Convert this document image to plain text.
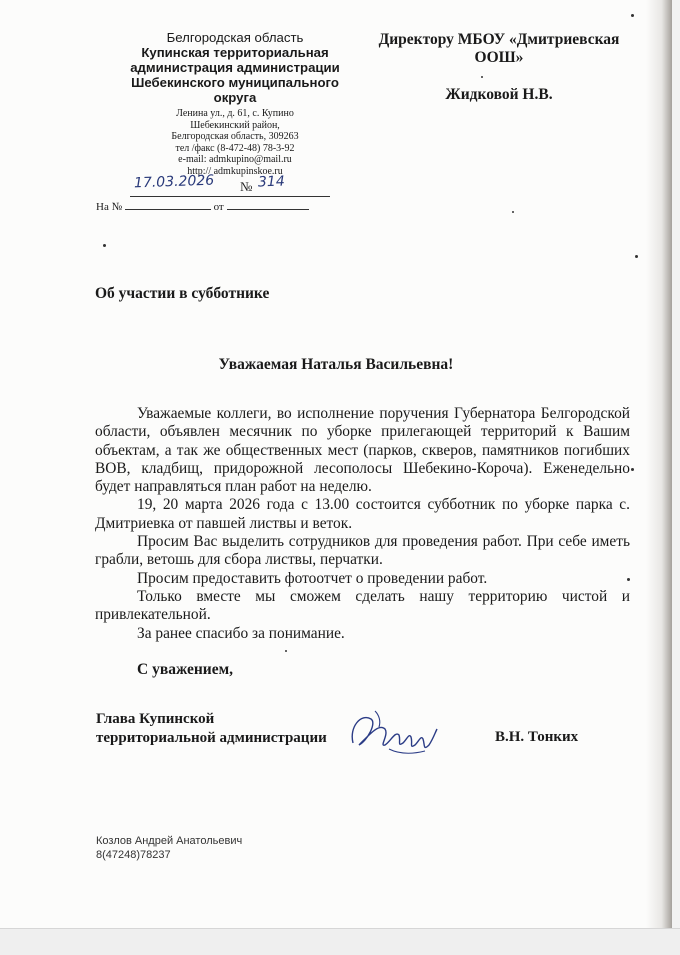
Белгородская область
Купинская территориальная администрация администрации Шебекинского муниципального округа

Ленина ул., д. 61, с. Купино
Шебекинский район,
Белгородская область, 309263
тел /факс (8-472-48) 78-3-92
e-mail: admkupino@mail.ru
http:// admkupinskoe.ru

17.03.2026 № 314
На №	от
Директору МБОУ «Дмитриевская ООШ»
Жидковой Н.В.
Об участии в субботнике
Уважаемая Наталья Васильевна!

Уважаемые коллеги, во исполнение поручения Губернатора Белгородской области, объявлен месячник по уборке прилегающей территорий к Вашим объектам, а так же общественных мест (парков, скверов, памятников погибших ВОВ, кладбищ, придорожной лесополосы Шебекино-Короча). Еженедельно будет направляться план работ на неделю.

19, 20 марта 2026 года с 13.00 состоится субботник по уборке парка с. Дмитриевка от павшей листвы и веток.

Просим Вас выделить сотрудников для проведения работ. При себе иметь грабли, ветошь для сбора листвы, перчатки.

Просим предоставить фотоотчет о проведении работ.

Только вместе мы сможем сделать нашу территорию чистой и привлекательной.

За ранее спасибо за понимание.

С уважением,
Глава Купинской
территориальной администрации	В.Н. Тонких
Козлов Андрей Анатольевич
8(47248)78237
